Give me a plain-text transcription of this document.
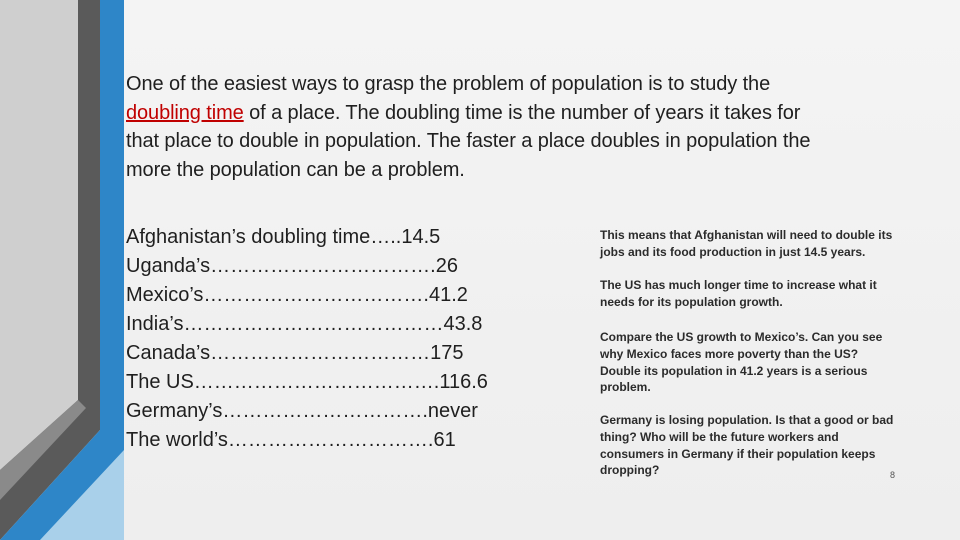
One of the easiest ways to grasp the problem of population is to study the doubling time of a place. The doubling time is the number of years it takes for that place to double in population. The faster a place doubles in population the more the population can be a problem.

Afghanistan’s doubling time…..14.5
Uganda’s…………………………….26
Mexico’s…………………………….41.2
India’s…………………………………43.8
Canada’s……………………………175
The US……………………………….116.6
Germany’s………………………….never
The world’s………………………….61

This means that Afghanistan will need to double its jobs and its food production in just 14.5 years.

The US has much longer time to increase what it needs for its population growth.

Compare the US growth to Mexico’s. Can you see why Mexico faces more poverty than the US? Double its population in 41.2 years is a serious problem.

Germany is losing population. Is that a good or bad thing? Who will be the future workers and consumers in Germany if their population keeps dropping?	8
